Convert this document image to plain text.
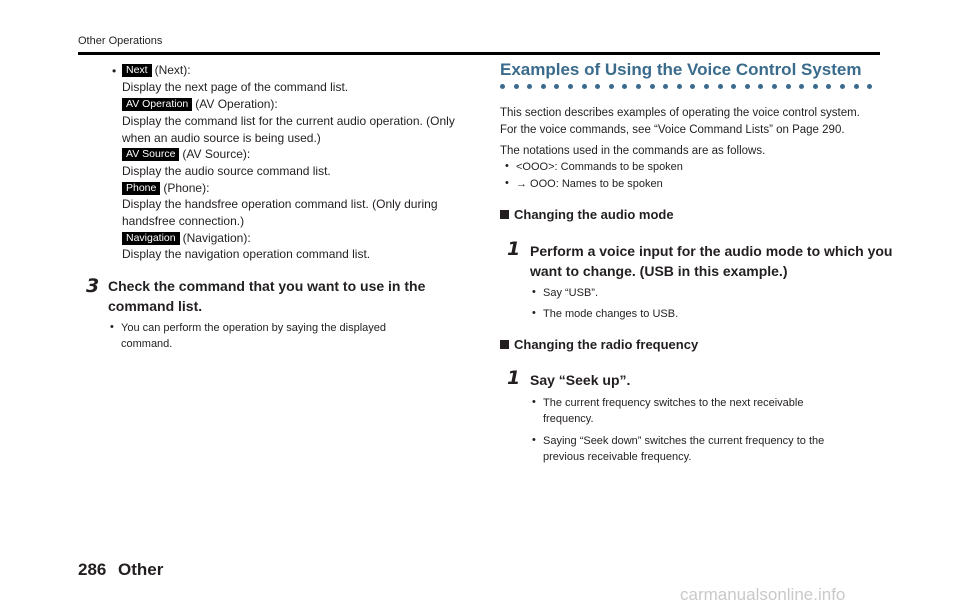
Other Operations
• Next (Next):
Display the next page of the command list.
AV Operation (AV Operation):
Display the command list for the current audio operation. (Only
when an audio source is being used.)
AV Source (AV Source):
Display the audio source command list.
Phone (Phone):
Display the handsfree operation command list. (Only during
handsfree connection.)
Navigation (Navigation):
Display the navigation operation command list.
3 Check the command that you want to use in the
command list.
• You can perform the operation by saying the displayed
command.
Examples of Using the Voice Control System
This section describes examples of operating the voice control system.
For the voice commands, see “Voice Command Lists” on Page 290.
The notations used in the commands are as follows.
• <OOO>: Commands to be spoken
• → OOO: Names to be spoken
Changing the audio mode
1 Perform a voice input for the audio mode to which you
want to change. (USB in this example.)
• Say “USB”.
• The mode changes to USB.
Changing the radio frequency
1 Say “Seek up”.
• The current frequency switches to the next receivable
frequency.
• Saying “Seek down” switches the current frequency to the
previous receivable frequency.
286 Other
carmanualsonline.info
